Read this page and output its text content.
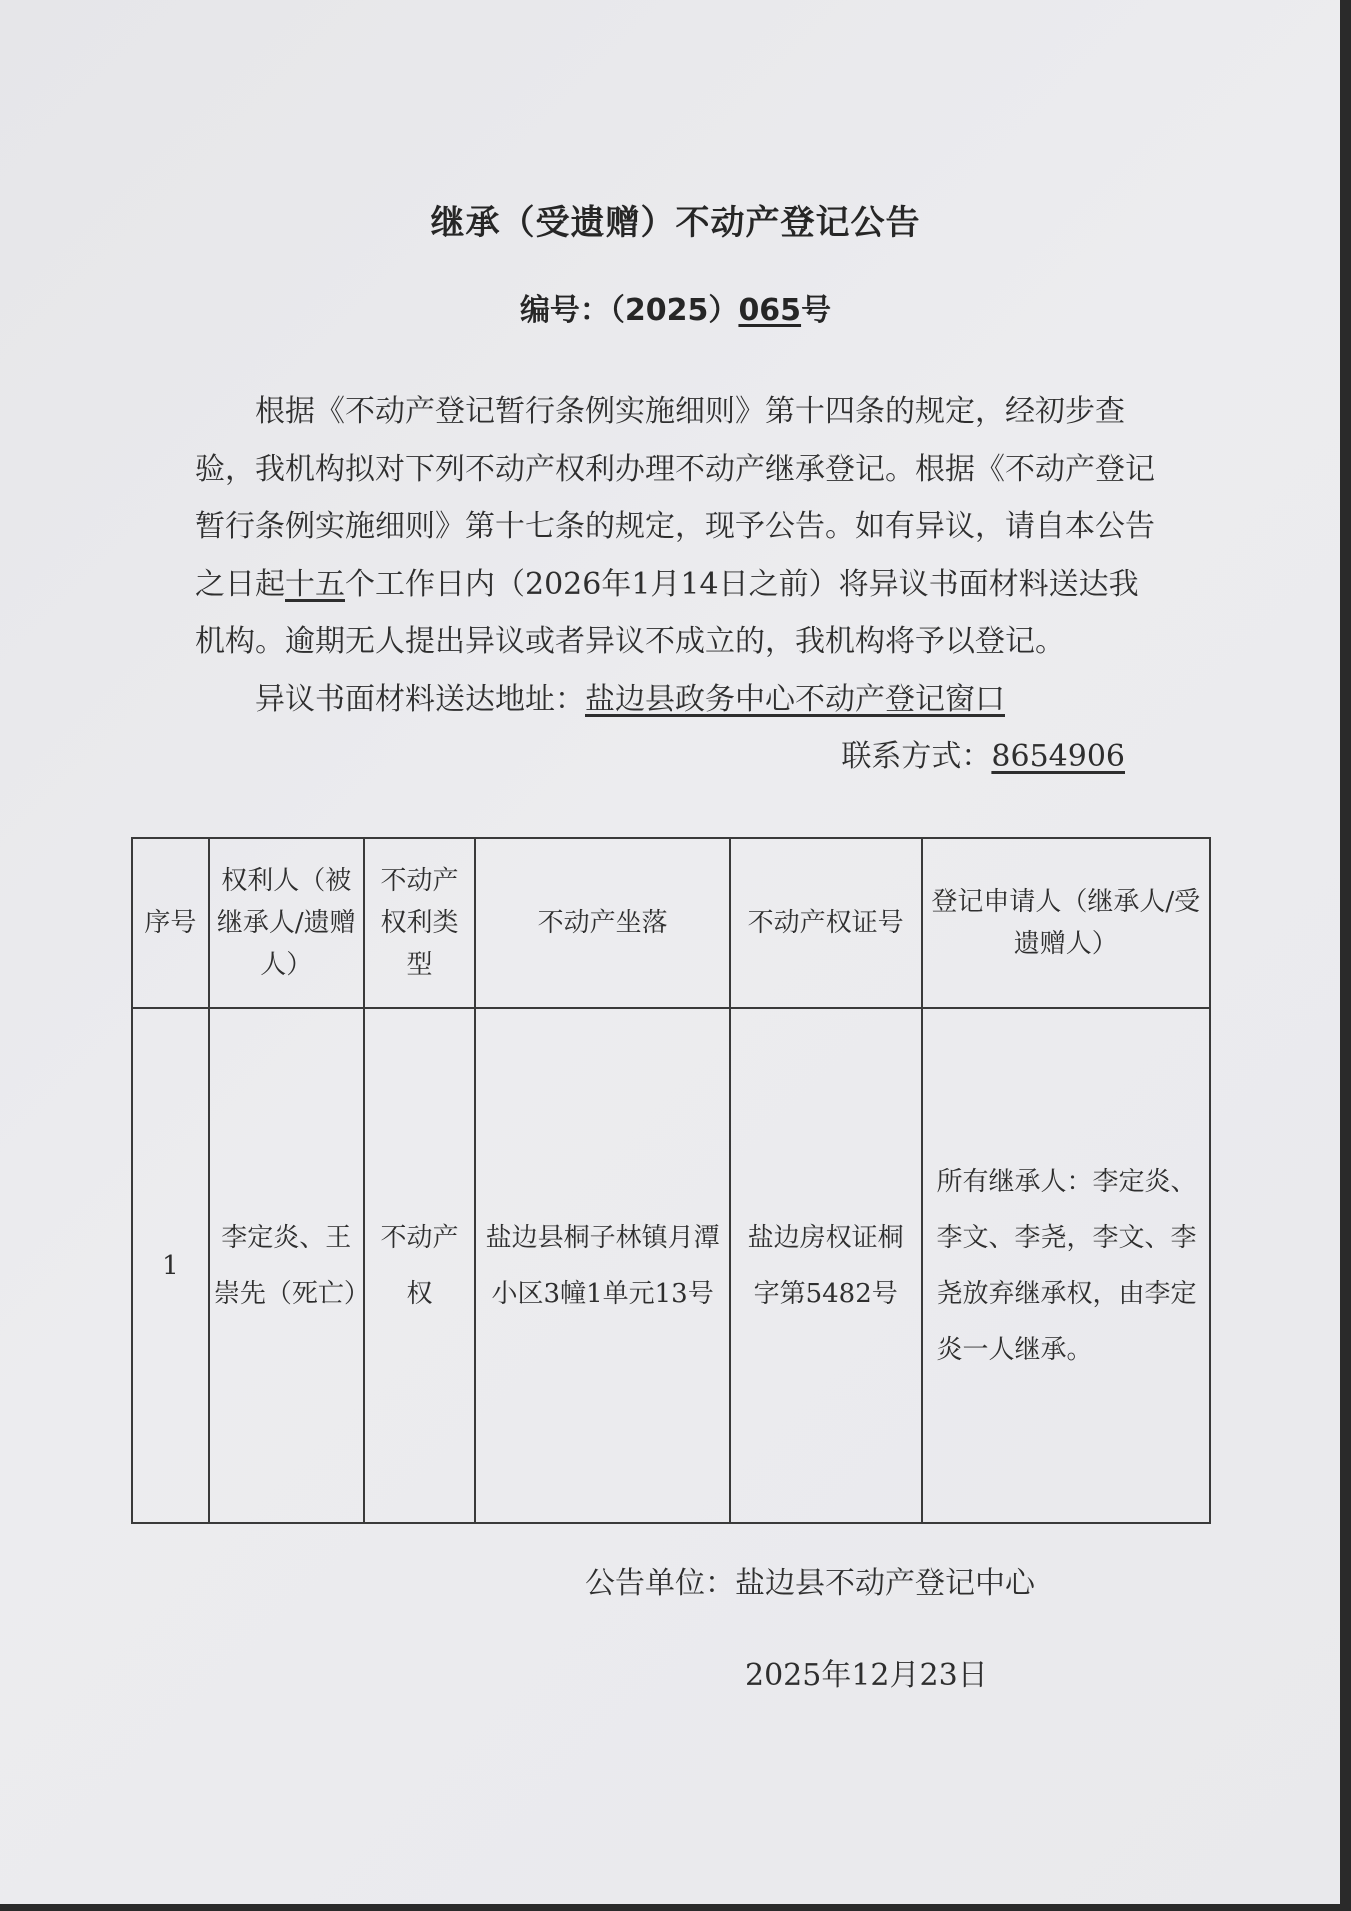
继承（受遗赠）不动产登记公告
编号：（2025）065号

根据《不动产登记暂行条例实施细则》第十四条的规定，经初步查验，我机构拟对下列不动产权利办理不动产继承登记。根据《不动产登记暂行条例实施细则》第十七条的规定，现予公告。如有异议，请自本公告之日起十五个工作日内（2026年1月14日之前）将异议书面材料送达我机构。逾期无人提出异议或者异议不成立的，我机构将予以登记。

异议书面材料送达地址：盐边县政务中心不动产登记窗口

联系方式：8654906

序号	权利人（被继承人/遗赠人）	不动产权利类型	不动产坐落	不动产权证号	登记申请人（继承人/受遗赠人）
1	李定炎、王崇先（死亡）	不动产权	盐边县桐子林镇月潭小区3幢1单元13号	盐边房权证桐字第5482号	所有继承人：李定炎、李文、李尧，李文、李尧放弃继承权，由李定炎一人继承。
公告单位：盐边县不动产登记中心
2025年12月23日
